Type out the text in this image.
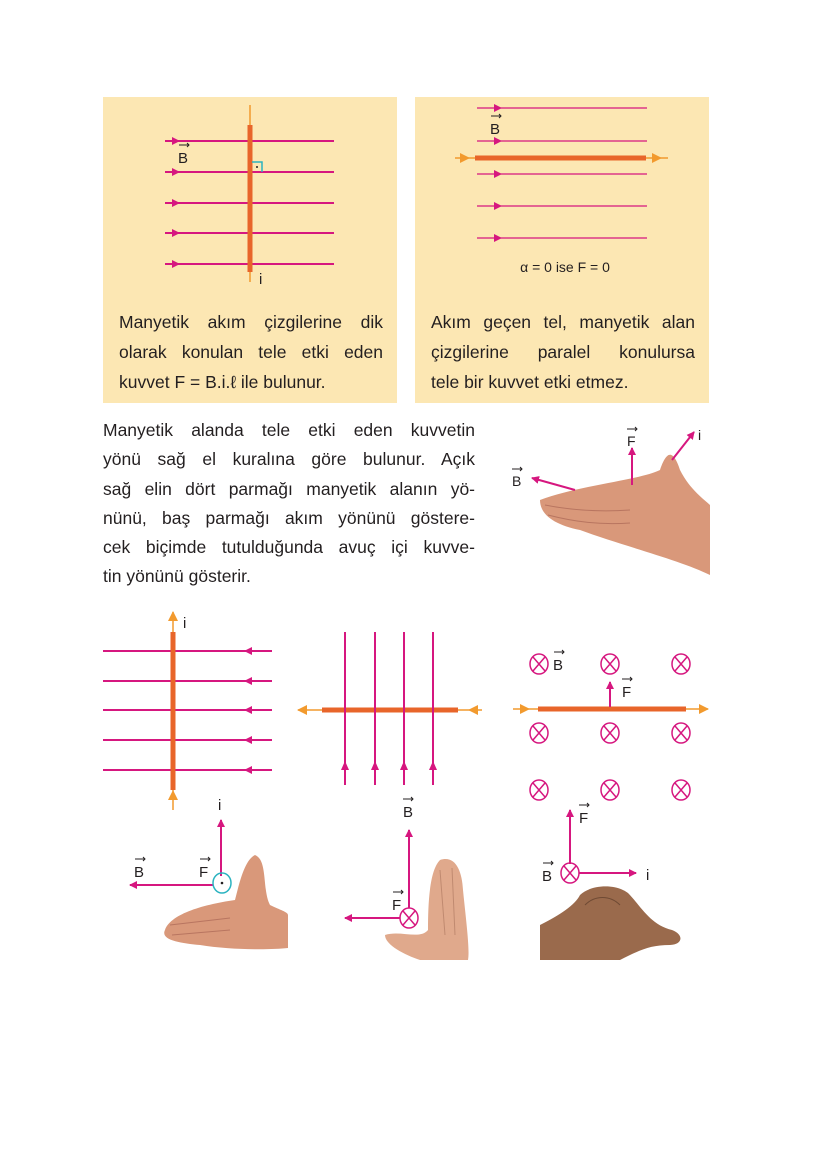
Manyetik akım çizgilerine dik
olarak konulan tele etki eden
kuvvet F = B.i.ℓ ile bulunur.
Akım geçen tel, manyetik alan
çizgilerine paralel konulursa
tele bir kuvvet etki etmez.
Manyetik alanda tele etki eden kuvvetin
yönü sağ el kuralına göre bulunur. Açık
sağ elin dört parmağı manyetik alanın yö-
nünü, baş parmağı akım yönünü göstere-
cek biçimde tutulduğunda avuç içi kuvve-
tin yönünü gösterir.
B
i
B
α = 0 ise F = 0
F
B
i
i
B
F
i
B	F
B
F
F
B	i
